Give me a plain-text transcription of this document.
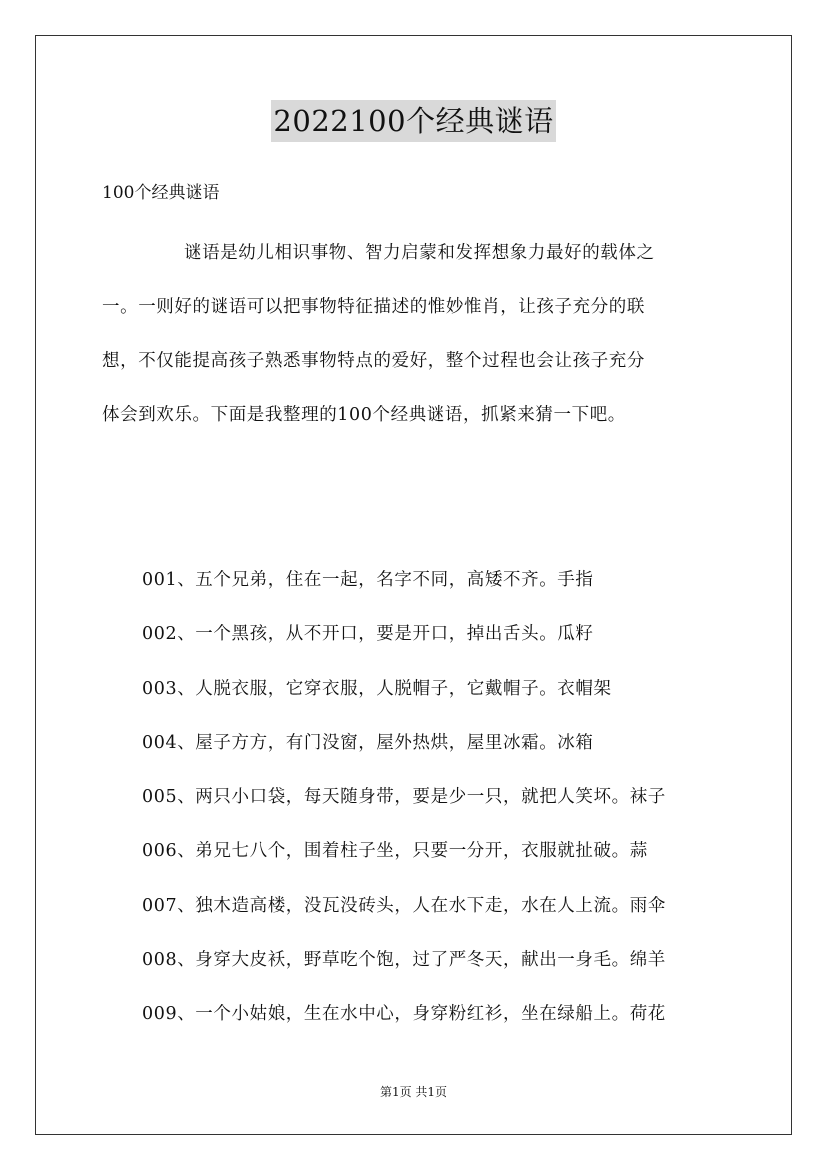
2022100个经典谜语
100个经典谜语
谜语是幼儿相识事物、智力启蒙和发挥想象力最好的载体之
一。一则好的谜语可以把事物特征描述的惟妙惟肖，让孩子充分的联
想，不仅能提高孩子熟悉事物特点的爱好，整个过程也会让孩子充分
体会到欢乐。下面是我整理的100个经典谜语，抓紧来猜一下吧。
001、五个兄弟，住在一起，名字不同，高矮不齐。手指
002、一个黑孩，从不开口，要是开口，掉出舌头。瓜籽
003、人脱衣服，它穿衣服，人脱帽子，它戴帽子。衣帽架
004、屋子方方，有门没窗，屋外热烘，屋里冰霜。冰箱
005、两只小口袋，每天随身带，要是少一只，就把人笑坏。袜子
006、弟兄七八个，围着柱子坐，只要一分开，衣服就扯破。蒜
007、独木造高楼，没瓦没砖头，人在水下走，水在人上流。雨伞
008、身穿大皮袄，野草吃个饱，过了严冬天，献出一身毛。绵羊
009、一个小姑娘，生在水中心，身穿粉红衫，坐在绿船上。荷花
第1页 共1页
